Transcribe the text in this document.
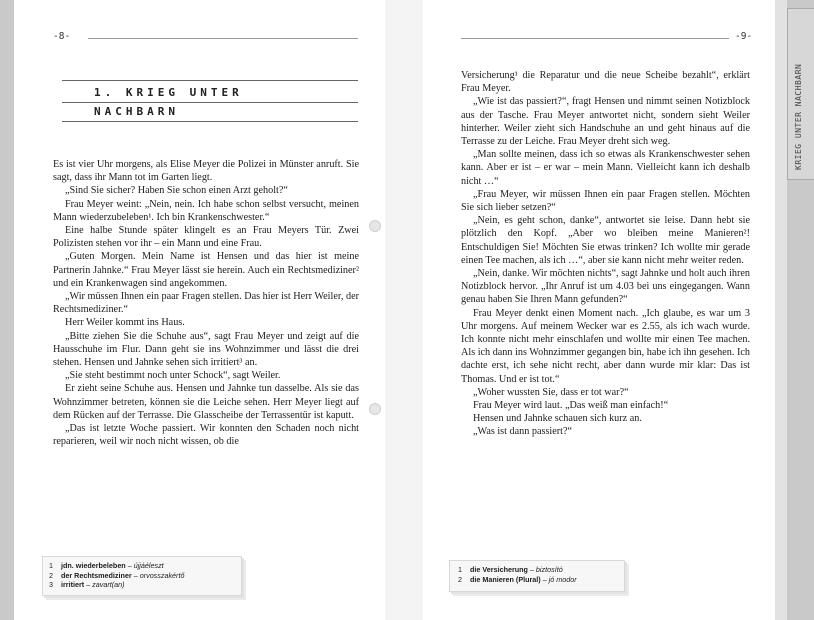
-8-
1. KRIEG UNTER
NACHBARN

Es ist vier Uhr morgens, als Elise Meyer die Polizei in Münster anruft. Sie sagt, dass ihr Mann tot im Garten liegt.

„Sind Sie sicher? Haben Sie schon einen Arzt geholt?“

Frau Meyer weint: „Nein, nein. Ich habe schon selbst versucht, meinen Mann wiederzubeleben¹. Ich bin Krankenschwester.“

Eine halbe Stunde später klingelt es an Frau Meyers Tür. Zwei Polizisten stehen vor ihr – ein Mann und eine Frau.

„Guten Morgen. Mein Name ist Hensen und das hier ist meine Partnerin Jahnke.“ Frau Meyer lässt sie herein. Auch ein Rechtsmediziner² und ein Krankenwagen sind angekommen.

„Wir müssen Ihnen ein paar Fragen stellen. Das hier ist Herr Weiler, der Rechtsmediziner.“

Herr Weiler kommt ins Haus.

„Bitte ziehen Sie die Schuhe aus“, sagt Frau Meyer und zeigt auf die Hausschuhe im Flur. Dann geht sie ins Wohnzimmer und lässt die drei stehen. Hensen und Jahnke sehen sich irritiert³ an.

„Sie steht bestimmt noch unter Schock“, sagt Weiler.

Er zieht seine Schuhe aus. Hensen und Jahnke tun dasselbe. Als sie das Wohnzimmer betreten, können sie die Leiche sehen. Herr Meyer liegt auf dem Rücken auf der Terrasse. Die Glasscheibe der Terrassentür ist kaputt.

„Das ist letzte Woche passiert. Wir konnten den Schaden noch nicht reparieren, weil wir noch nicht wissen, ob die

1	jdn. wiederbeleben – újjáéleszt
2	der Rechtsmediziner – orvosszakértő
3	irritiert – zavart(an)
-9-

Versicherung¹ die Reparatur und die neue Scheibe bezahlt“, erklärt Frau Meyer.

„Wie ist das passiert?“, fragt Hensen und nimmt seinen Notizblock aus der Tasche. Frau Meyer antwortet nicht, sondern sieht Weiler hinterher. Weiler zieht sich Handschuhe an und geht hinaus auf die Terrasse zu der Leiche. Frau Meyer dreht sich weg.

„Man sollte meinen, dass ich so etwas als Krankenschwester sehen kann. Aber er ist – er war – mein Mann. Vielleicht kann ich deshalb nicht …“

„Frau Meyer, wir müssen Ihnen ein paar Fragen stellen. Möchten Sie sich lieber setzen?“

„Nein, es geht schon, danke“, antwortet sie leise. Dann hebt sie plötzlich den Kopf. „Aber wo bleiben meine Manieren²! Entschuldigen Sie! Möchten Sie etwas trinken? Ich wollte mir gerade einen Tee machen, als ich …“, aber sie kann nicht mehr weiter reden.

„Nein, danke. Wir möchten nichts“, sagt Jahnke und holt auch ihren Notizblock hervor. „Ihr Anruf ist um 4.03 bei uns eingegangen. Wann genau haben Sie Ihren Mann gefunden?“

Frau Meyer denkt einen Moment nach. „Ich glaube, es war um 3 Uhr morgens. Auf meinem Wecker war es 2.55, als ich wach wurde. Ich konnte nicht mehr einschlafen und wollte mir einen Tee machen. Als ich dann ins Wohnzimmer gegangen bin, habe ich ihn gesehen. Ich dachte erst, ich sehe nicht recht, aber dann wurde mir klar: Das ist Thomas. Und er ist tot.“

„Woher wussten Sie, dass er tot war?“

Frau Meyer wird laut. „Das weiß man einfach!“

Hensen und Jahnke schauen sich kurz an.

„Was ist dann passiert?“

1	die Versicherung – biztosító
2	die Manieren (Plural) – jó modor
KRIEG UNTER NACHBARN
